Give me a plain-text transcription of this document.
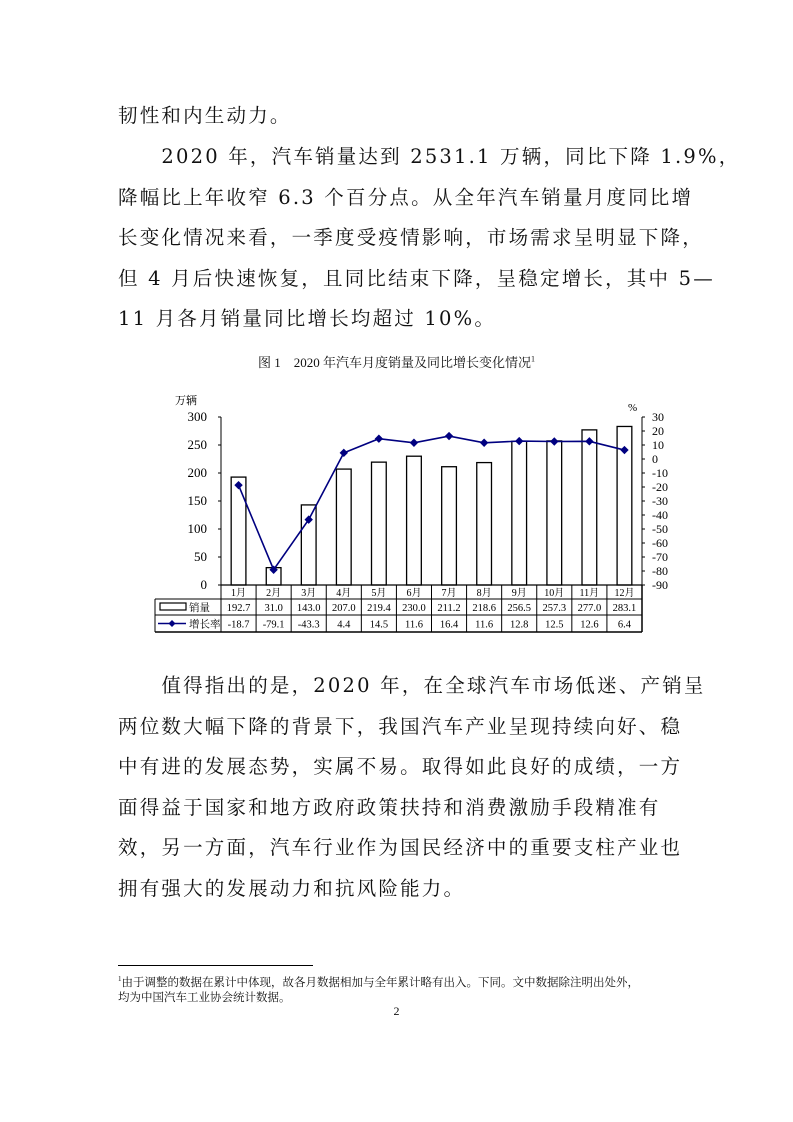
韧性和内生动力。
　　2020 年，汽车销量达到 2531.1 万辆，同比下降 1.9%，
降幅比上年收窄 6.3 个百分点。从全年汽车销量月度同比增
长变化情况来看，一季度受疫情影响，市场需求呈明显下降，
但 4 月后快速恢复，且同比结束下降，呈稳定增长，其中 5—
11 月各月销量同比增长均超过 10%。
　　值得指出的是，2020 年，在全球汽车市场低迷、产销呈
两位数大幅下降的背景下，我国汽车产业呈现持续向好、稳
中有进的发展态势，实属不易。取得如此良好的成绩，一方
面得益于国家和地方政府政策扶持和消费激励手段精准有
效，另一方面，汽车行业作为国民经济中的重要支柱产业也
拥有强大的发展动力和抗风险能力。
图 1　2020 年汽车月度销量及同比增长变化情况$^1$
万辆
%
0
50
100
150
200
250
300	30
20
10
0
-10
-20
-30
-40
-50
-60
-70
-80
-90
1月
192.7
-18.7
2月
31.0
-79.1
3月
143.0
-43.3
4月
207.0
4.4
5月
219.4
14.5
6月
230.0
11.6
7月
211.2
16.4
8月
218.6
11.6
9月
256.5
12.8
10月
257.3
12.5
11月
277.0
12.6
12月
283.1
6.4
销量
增长率
$^1$由于调整的数据在累计中体现，故各月数据相加与全年累计略有出入。下同。文中数据除注明出处外，
均为中国汽车工业协会统计数据。
2
